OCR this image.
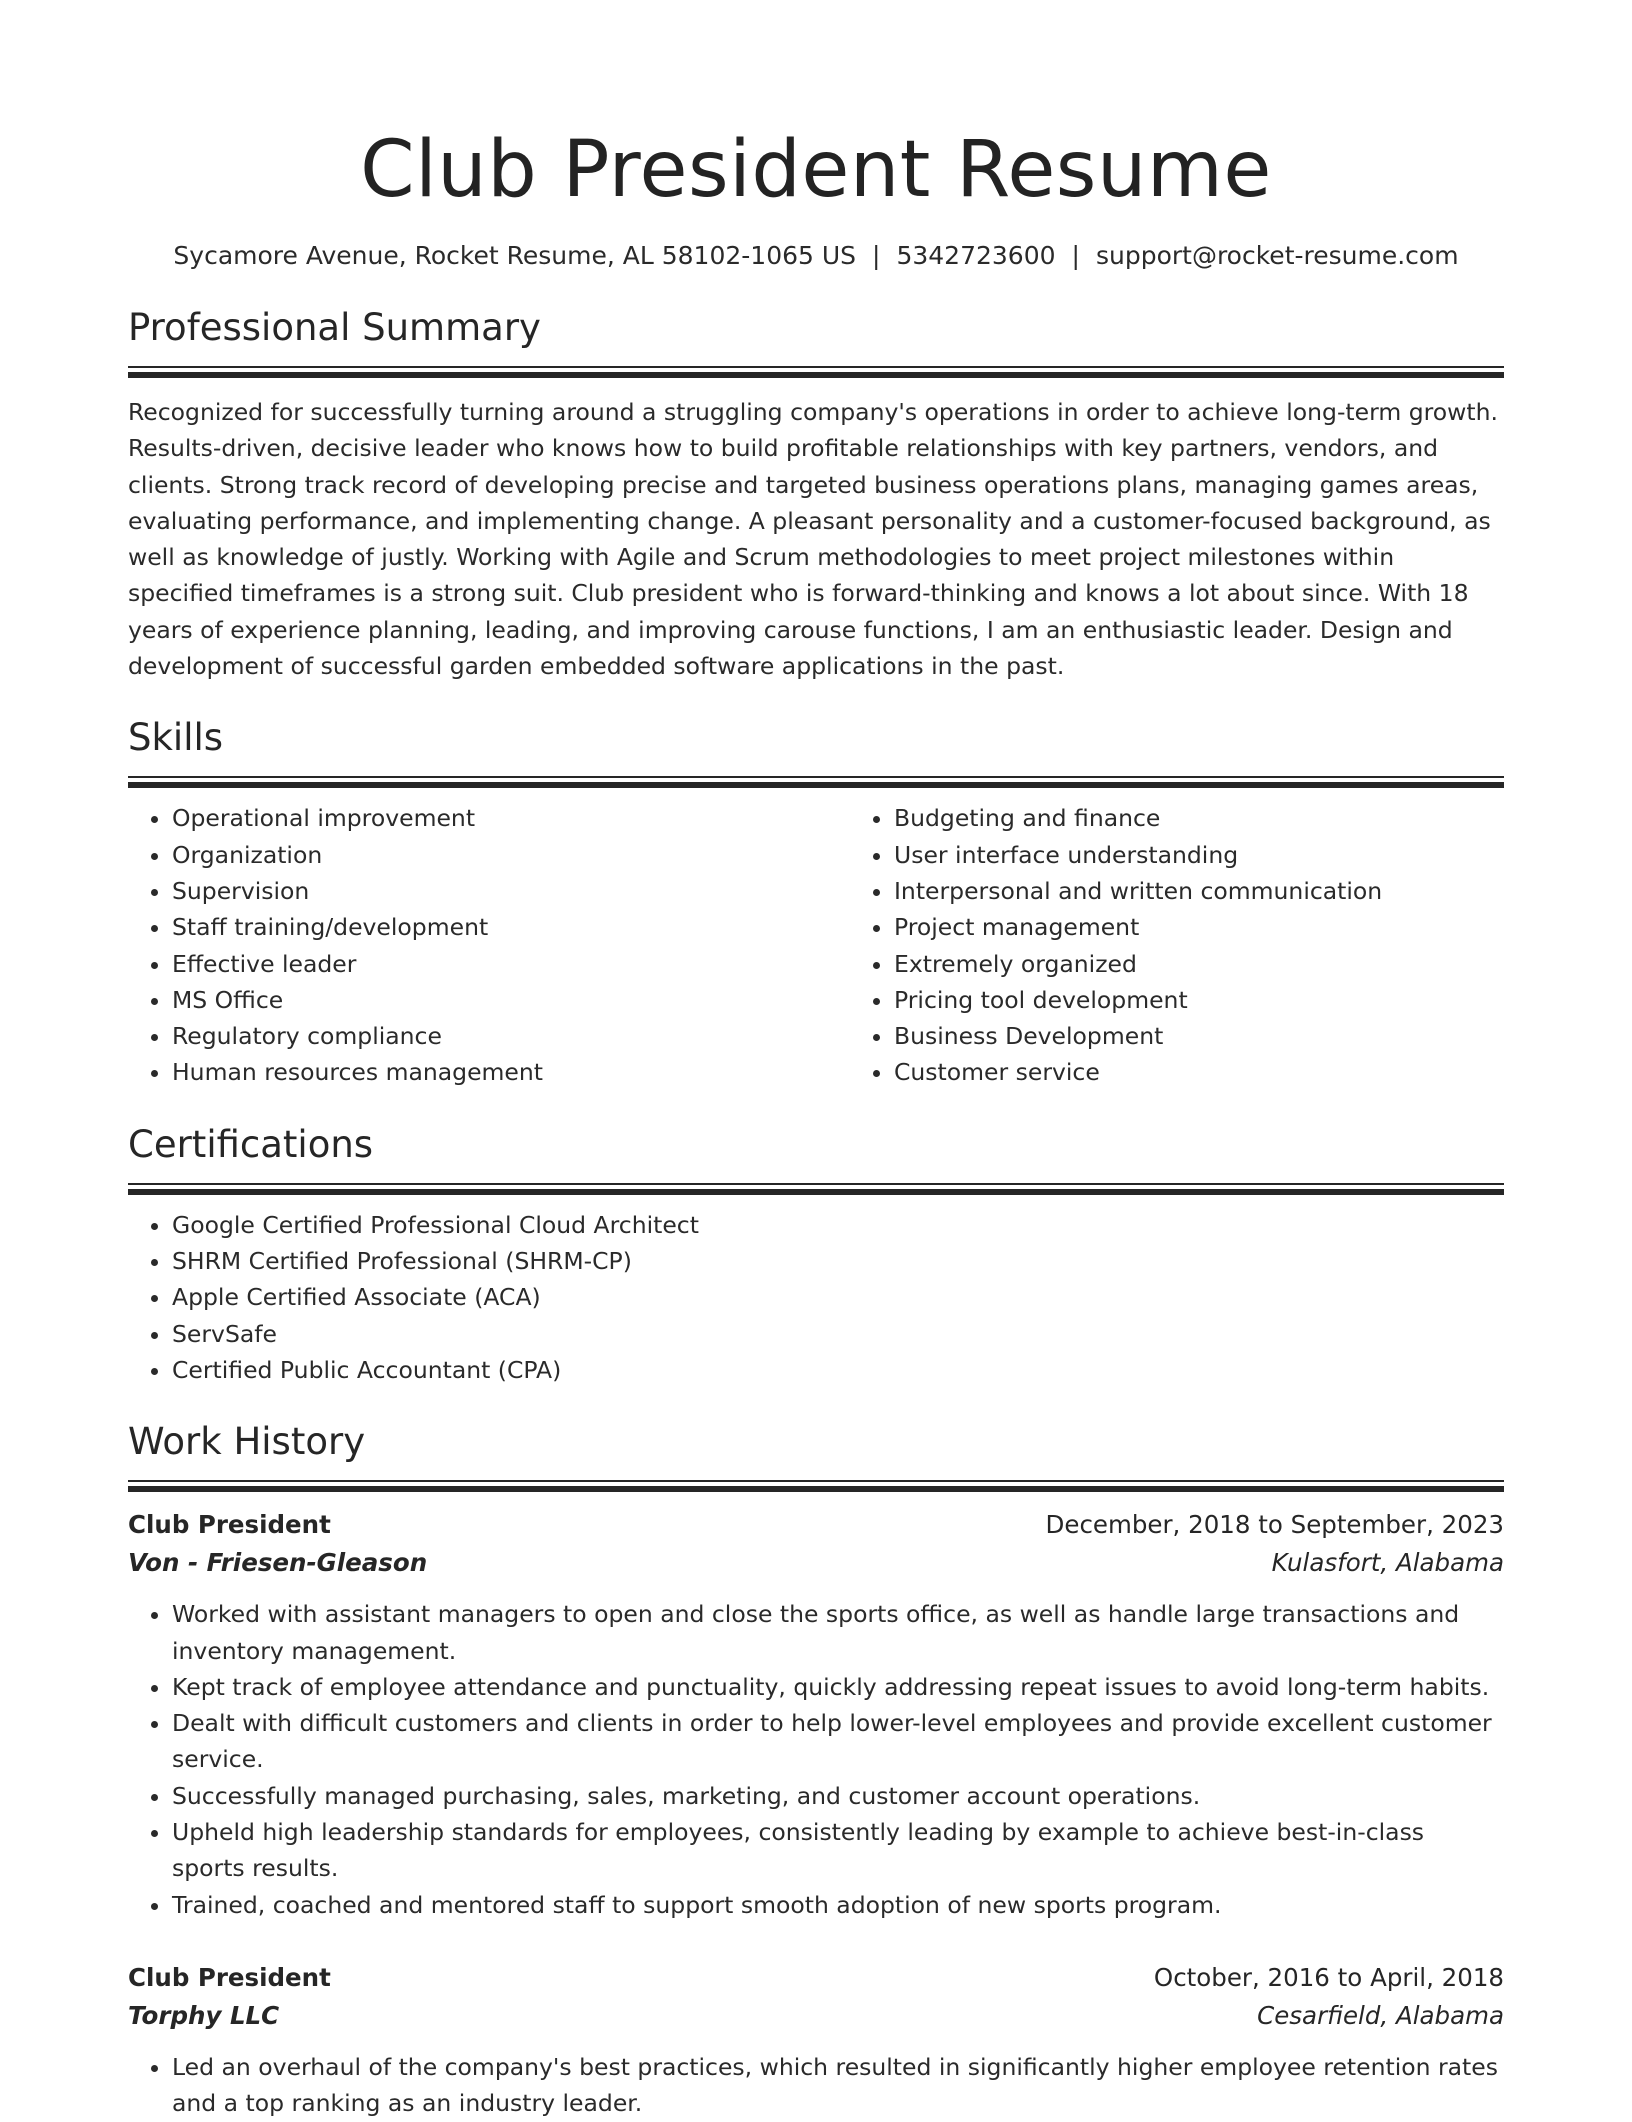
Club President Resume
Sycamore Avenue, Rocket Resume, AL 58102-1065 US | 5342723600 | support@rocket-resume.com
Professional Summary
Recognized for successfully turning around a struggling company's operations in order to achieve long-term growth. Results-driven, decisive leader who knows how to build profitable relationships with key partners, vendors, and clients. Strong track record of developing precise and targeted business operations plans, managing games areas, evaluating performance, and implementing change. A pleasant personality and a customer-focused background, as well as knowledge of justly. Working with Agile and Scrum methodologies to meet project milestones within specified timeframes is a strong suit. Club president who is forward-thinking and knows a lot about since. With 18 years of experience planning, leading, and improving carouse functions, I am an enthusiastic leader. Design and development of successful garden embedded software applications in the past.
Skills
• Operational improvement
• Organization
• Supervision
• Staff training/development
• Effective leader
• MS Office
• Regulatory compliance
• Human resources management
• Budgeting and finance
• User interface understanding
• Interpersonal and written communication
• Project management
• Extremely organized
• Pricing tool development
• Business Development
• Customer service
Certifications
• Google Certified Professional Cloud Architect
• SHRM Certified Professional (SHRM-CP)
• Apple Certified Associate (ACA)
• ServSafe
• Certified Public Accountant (CPA)
Work History
Club President	December, 2018 to September, 2023
Von - Friesen-Gleason	Kulasfort, Alabama
• Worked with assistant managers to open and close the sports office, as well as handle large transactions and inventory management.
• Kept track of employee attendance and punctuality, quickly addressing repeat issues to avoid long-term habits.
• Dealt with difficult customers and clients in order to help lower-level employees and provide excellent customer service.
• Successfully managed purchasing, sales, marketing, and customer account operations.
• Upheld high leadership standards for employees, consistently leading by example to achieve best-in-class sports results.
• Trained, coached and mentored staff to support smooth adoption of new sports program.
Club President	October, 2016 to April, 2018
Torphy LLC	Cesarfield, Alabama
• Led an overhaul of the company's best practices, which resulted in significantly higher employee retention rates and a top ranking as an industry leader.
